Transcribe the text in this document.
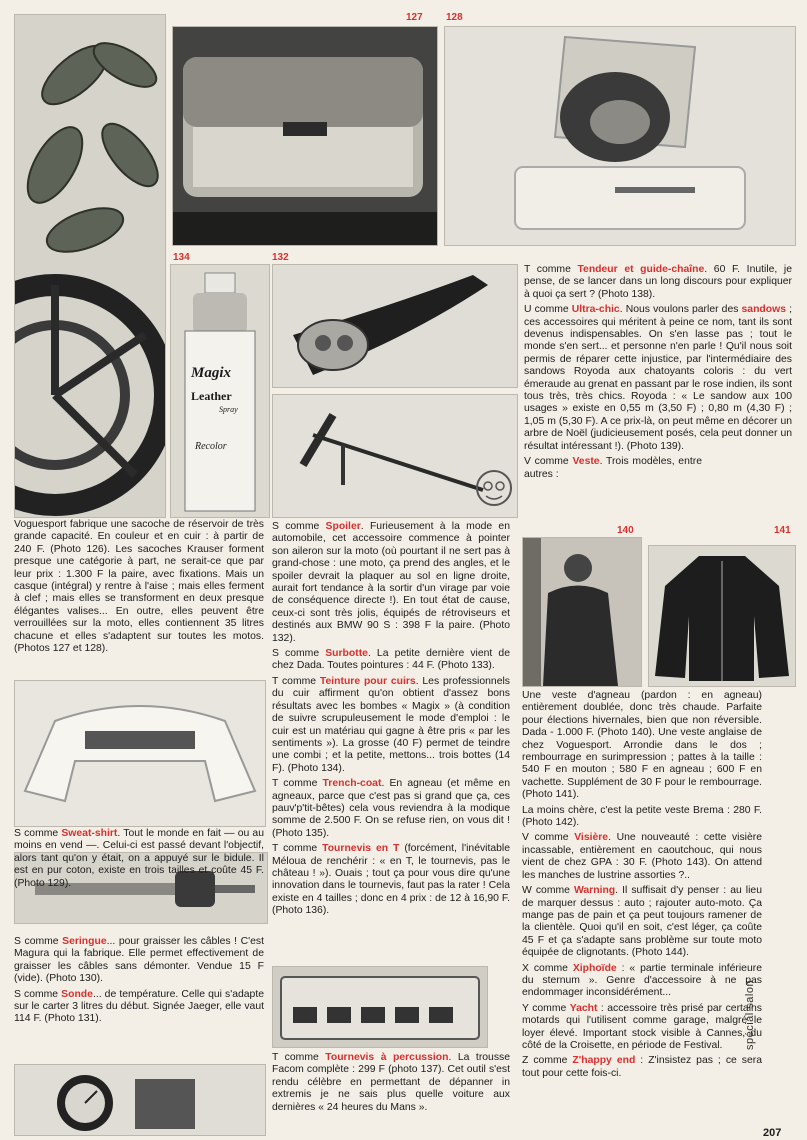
127 128
134	132
Magix
Leather
Spray
Recolor
140	141

Voguesport fabrique une sacoche de réservoir de très grande capacité. En couleur et en cuir : à partir de 240 F. (Photo 126). Les sacoches Krauser forment presque une catégorie à part, ne serait-ce que par leur prix : 1.300 F la paire, avec fixations. Mais un casque (intégral) y rentre à l'aise ; mais elles ferment à clef ; mais elles se transforment en deux presque élégantes valises... En outre, elles peuvent être verrouillées sur la moto, elles contiennent 35 litres chacune et elles s'adaptent sur toutes les motos. (Photos 127 et 128).

S comme Sweat-shirt. Tout le monde en fait — ou au moins en vend —. Celui-ci est passé devant l'objectif, alors tant qu'on y était, on a appuyé sur le bidule. Il est en pur coton, existe en trois tailles et coûte 45 F. (Photo 129).

S comme Seringue... pour graisser les câbles ! C'est Magura qui la fabrique. Elle permet effectivement de graisser les câbles sans démonter. Vendue 15 F (vide). (Photo 130).

S comme Sonde... de température. Celle qui s'adapte sur le carter 3 litres du début. Signée Jaeger, elle vaut 114 F. (Photo 131).

S comme Spoiler. Furieusement à la mode en automobile, cet accessoire commence à pointer son aileron sur la moto (où pourtant il ne sert pas à grand-chose : une moto, ça prend des angles, et le spoiler devrait la plaquer au sol en ligne droite, aurait fort tendance à la sortir d'un virage par voie de conséquence directe !). En tout état de cause, ceux-ci sont très jolis, équipés de rétroviseurs et destinés aux BMW 90 S : 398 F la paire. (Photo 132).

S comme Surbotte. La petite dernière vient de chez Dada. Toutes pointures : 44 F. (Photo 133).

T comme Teinture pour cuirs. Les professionnels du cuir affirment qu'on obtient d'assez bons résultats avec les bombes « Magix » (à condition de suivre scrupuleusement le mode d'emploi : le cuir est un matériau qui gagne à être pris « par les sentiments »). La grosse (40 F) permet de teindre une combi ; et la petite, mettons... trois bottes (14 F). (Photo 134).

T comme Trench-coat. En agneau (et même en agneaux, parce que c'est pas si grand que ça, ces pauv'p'tit-bêtes) cela vous reviendra à la modique somme de 2.500 F. On se refuse rien, on vous dit ! (Photo 135).

T comme Tournevis en T (forcément, l'inévitable Méloua de renchérir : « en T, le tournevis, pas le château ! »). Ouais ; tout ça pour vous dire qu'une innovation dans le tournevis, faut pas la rater ! Cela existe en 4 tailles ; donc en 4 prix : de 12 à 16,90 F. (Photo 136).

T comme Tournevis à percussion. La trousse Facom complète : 299 F (photo 137). Cet outil s'est rendu célèbre en permettant de dépanner in extremis je ne sais plus quelle voiture aux dernières « 24 heures du Mans ».

T comme Tendeur et guide-chaîne. 60 F. Inutile, je pense, de se lancer dans un long discours pour expliquer à quoi ça sert ? (Photo 138).

U comme Ultra-chic. Nous voulons parler des sandows ; ces accessoires qui méritent à peine ce nom, tant ils sont devenus indispensables. On s'en lasse pas ; tout le monde s'en sert... et personne n'en parle ! Qu'il nous soit permis de réparer cette injustice, par l'intermédiaire des sandows Royoda aux chatoyants coloris : du vert émeraude au grenat en passant par le rose indien, ils sont tous très, très chics. Royoda : « Le sandow aux 100 usages » existe en 0,55 m (3,50 F) ; 0,80 m (4,30 F) ; 1,05 m (5,30 F). A ce prix-là, on peut même en décorer un arbre de Noël (judicieusement posés, cela peut donner un résultat intéressant !). (Photo 139).

V comme Veste. Trois modèles, entre autres :

Une veste d'agneau (pardon : en agneau) entièrement doublée, donc très chaude. Parfaite pour élections hivernales, bien que non réversible. Dada - 1.000 F. (Photo 140). Une veste anglaise de chez Voguesport. Arrondie dans le dos ; rembourrage en surimpression ; pattes à la taille : 540 F en mouton ; 580 F en agneau ; 600 F en vachette. Supplément de 30 F pour le rembourrage. (Photo 141).

La moins chère, c'est la petite veste Brema : 280 F. (Photo 142).

V comme Visière. Une nouveauté : cette visière incassable, entièrement en caoutchouc, qui nous vient de chez GPA : 30 F. (Photo 143). On attend les manches de lustrine assorties ?..

W comme Warning. Il suffisait d'y penser : au lieu de marquer dessus : auto ; rajouter auto-moto. Ça mange pas de pain et ça peut toujours ramener de la clientèle. Quoi qu'il en soit, c'est léger, ça coûte 45 F et ça s'adapte sans problème sur toute moto équipée de clignotants. (Photo 144).

X comme Xiphoïde : « partie terminale inférieure du sternum ». Genre d'accessoire à ne pas endommager inconsidérément...

Y comme Yacht : accessoire très prisé par certains motards qui l'utilisent comme garage, malgré le loyer élevé. Important stock visible à Cannes, du côté de la Croisette, en période de Festival.

Z comme Z'happy end : Z'insistez pas ; ce sera tout pour cette fois-ci.

spécial salon
207
